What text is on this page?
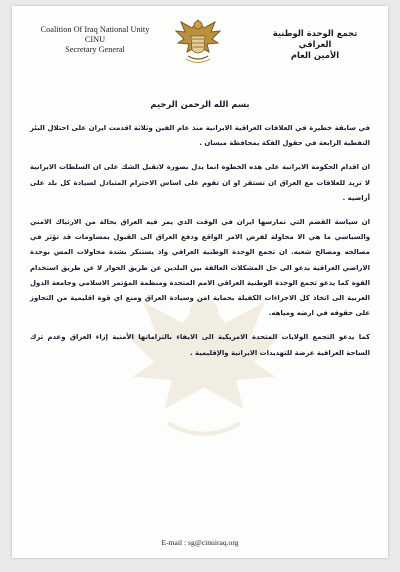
Coalition Of Iraq National Unity
CINU
Secretary General
تجمع الوحدة الوطنية العراقي
الأمين العام
بسم الله الرحمن الرحيم

في سابقة خطيرة في العلاقات العراقية الايرانية منذ عام الفين وثلاثة اقدمت ايران على احتلال البئر النفطية الرابعة في حقول الفكة بمحافظة ميسان .

ان اقدام الحكومة الايرانية على هذه الخطوة انما يدل بصورة لاتقبل الشك على ان السلطات الايرانية لا تريد للعلاقات مع العراق ان تستقر او ان تقوم على اساس الاحترام المتبادل لسيادة كل بلد على أراضيه .

ان سياسة القضم التي تمارسها ايران في الوقت الذي يمر فيه العراق بحالة من الارتباك الامني والسياسي ما هي الا محاولة لفرض الامر الواقع ودفع العراق الى القبول بمساومات قد تؤثر في مصالحه ومصالح شعبه. ان تجمع الوحدة الوطنية العراقي واذ يستنكر بشدة محاولات المس بوحدة الاراضي العراقية يدعو الى حل المشكلات العالقة بين البلدين عن طريق الحوار لا عن طريق استخدام القوة كما يدعو تجمع الوحدة الوطنية العراقي الامم المتحدة ومنظمة المؤتمر الاسلامي وجامعة الدول العربية الى اتخاذ كل الاجراءات الكفيلة بحماية امن وسيادة العراق ومنع اي قوة اقليمية من التجاوز على حقوقه في ارضه ومياهه.

كما يدعو التجمع الولايات المتحدة الامريكية الى الايفاء بالتزاماتها الأمنية إزاء العراق وعدم ترك الساحة العراقية عرضة للتهديدات الايرانية والإقليمية .

E-mail : sg@cinuiraq.org
